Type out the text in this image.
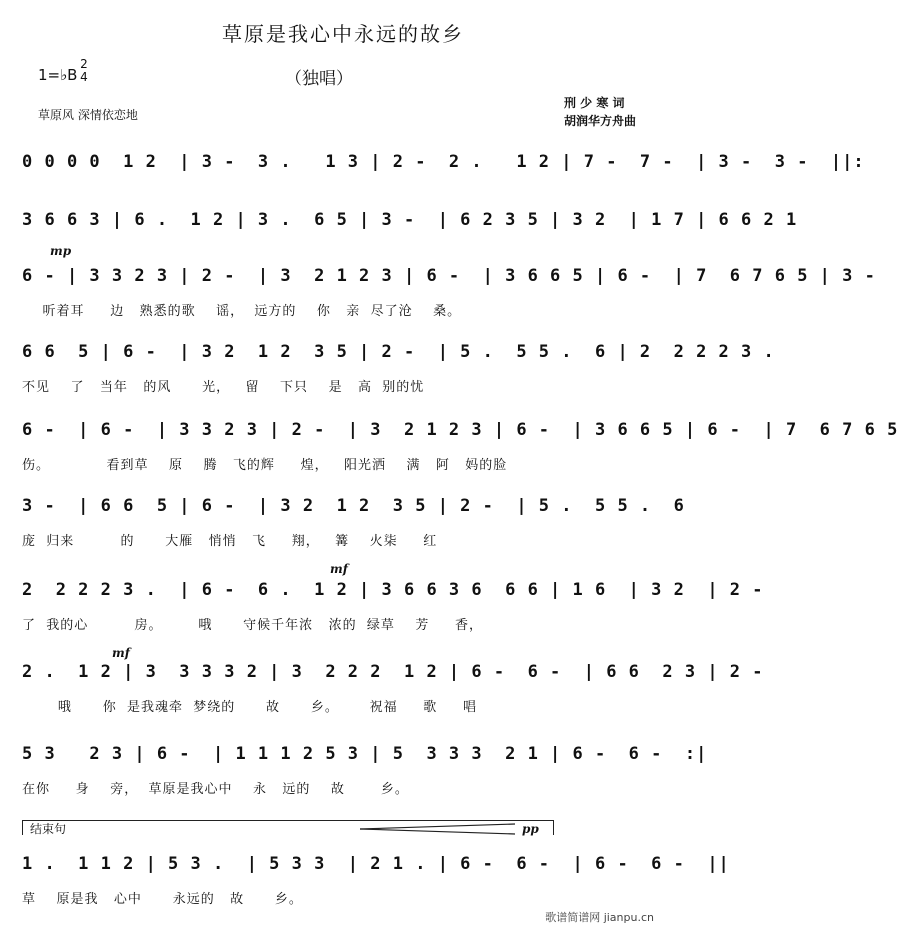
草原是我心中永远的故乡
1=♭B
2
4	（独唱）
草原风 深情依恋地
刑 少 寒 词
胡润华方舟曲
0 0 0 0  1 2  | 3 -  3 .   1 3 | 2 -  2 .   1 2 | 7 -  7 -  | 3 -  3 -  ||:
3 6 6 3 | 6 .  1 2 | 3 .  6 5 | 3 -  | 6 2 3 5 | 3 2  | 1 7 | 6 6 2 1
mp
6 - | 3 3 2 3 | 2 -  | 3  2 1 2 3 | 6 -  | 3 6 6 5 | 6 -  | 7  6 7 6 5 | 3 -
听着耳     边   熟悉的歌    谣，  远方的    你   亲  尽了沧    桑。
6 6  5 | 6 -  | 3 2  1 2  3 5 | 2 -  | 5 .  5 5 .  6 | 2  2 2 2 3 .
不见    了   当年   的风      光，   留    下只    是   高  别的忧
6 -  | 6 -  | 3 3 2 3 | 2 -  | 3  2 1 2 3 | 6 -  | 3 6 6 5 | 6 -  | 7  6 7 6 5
伤。           看到草    原    腾   飞的辉     煌，   阳光洒    满   阿   妈的脸
3 -  | 6 6  5 | 6 -  | 3 2  1 2  3 5 | 2 -  | 5 .  5 5 .  6
庞  归来         的      大雁   悄悄   飞     翔，   篝    火柒     红
mf
2  2 2 2 3 .  | 6 -  6 .  1 2 | 3 6 6 3 6  6 6 | 1 6  | 3 2  | 2 -
了  我的心         房。       哦      守候千年浓   浓的  绿草    芳     香，
mf
2 .  1 2 | 3  3 3 3 2 | 3  2 2 2  1 2 | 6 -  6 -  | 6 6  2 3 | 2 -
哦      你  是我魂牵  梦绕的      故      乡。      祝福     歌     唱
5 3   2 3 | 6 -  | 1 1 1 2 5 3 | 5  3 3 3  2 1 | 6 -  6 -  :|
在你     身    旁，  草原是我心中    永   远的    故       乡。
结束句	pp
1 .  1 1 2 | 5 3 .  | 5 3 3  | 2 1 . | 6 -  6 -  | 6 -  6 -  ||
草    原是我   心中      永远的   故      乡。
歌谱简谱网 jianpu.cn
